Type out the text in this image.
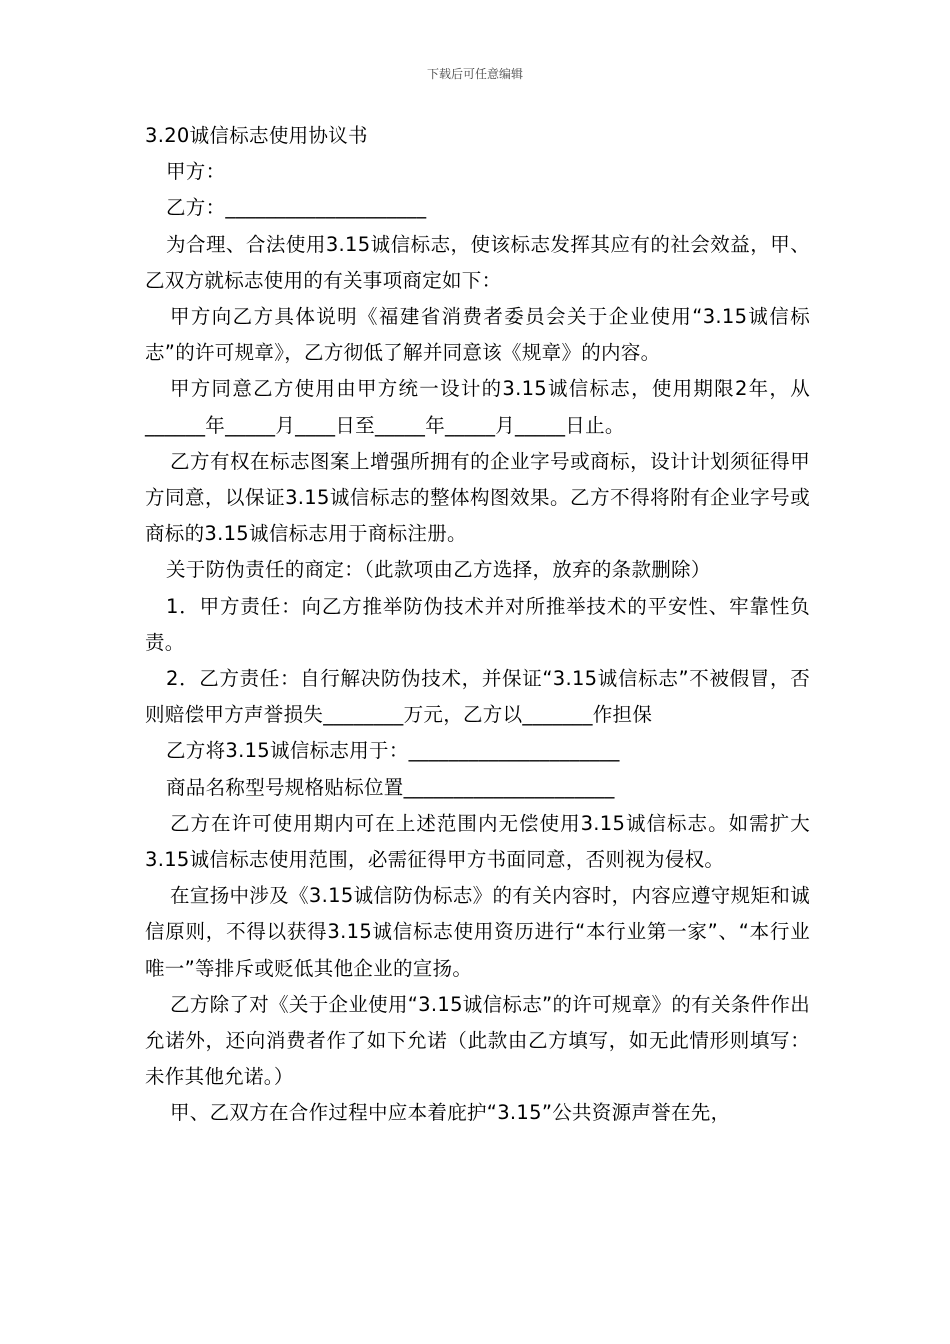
下载后可任意编辑

3.20诚信标志使用协议书

甲方：

乙方：____________________

为合理、合法使用3.15诚信标志，使该标志发挥其应有的社会效益，甲、乙双方就标志使用的有关事项商定如下：

甲方向乙方具体说明《福建省消费者委员会关于企业使用“3.15诚信标志”的许可规章》，乙方彻低了解并同意该《规章》的内容。

甲方同意乙方使用由甲方统一设计的3.15诚信标志，使用期限2年，从______年_____月____日至_____年_____月_____日止。

乙方有权在标志图案上增强所拥有的企业字号或商标，设计计划须征得甲方同意，以保证3.15诚信标志的整体构图效果。乙方不得将附有企业字号或商标的3.15诚信标志用于商标注册。

关于防伪责任的商定：（此款项由乙方选择，放弃的条款删除）

1．甲方责任：向乙方推举防伪技术并对所推举技术的平安性、牢靠性负责。

2．乙方责任：自行解决防伪技术，并保证“3.15诚信标志”不被假冒，否则赔偿甲方声誉损失________万元，乙方以_______作担保

乙方将3.15诚信标志用于：_____________________

商品名称型号规格贴标位置_____________________

乙方在许可使用期内可在上述范围内无偿使用3.15诚信标志。如需扩大3.15诚信标志使用范围，必需征得甲方书面同意，否则视为侵权。

在宣扬中涉及《3.15诚信防伪标志》的有关内容时，内容应遵守规矩和诚信原则，不得以获得3.15诚信标志使用资历进行“本行业第一家”、“本行业唯一”等排斥或贬低其他企业的宣扬。

乙方除了对《关于企业使用“3.15诚信标志”的许可规章》的有关条件作出允诺外，还向消费者作了如下允诺（此款由乙方填写，如无此情形则填写：未作其他允诺。）

甲、乙双方在合作过程中应本着庇护“3.15”公共资源声誉在先，
